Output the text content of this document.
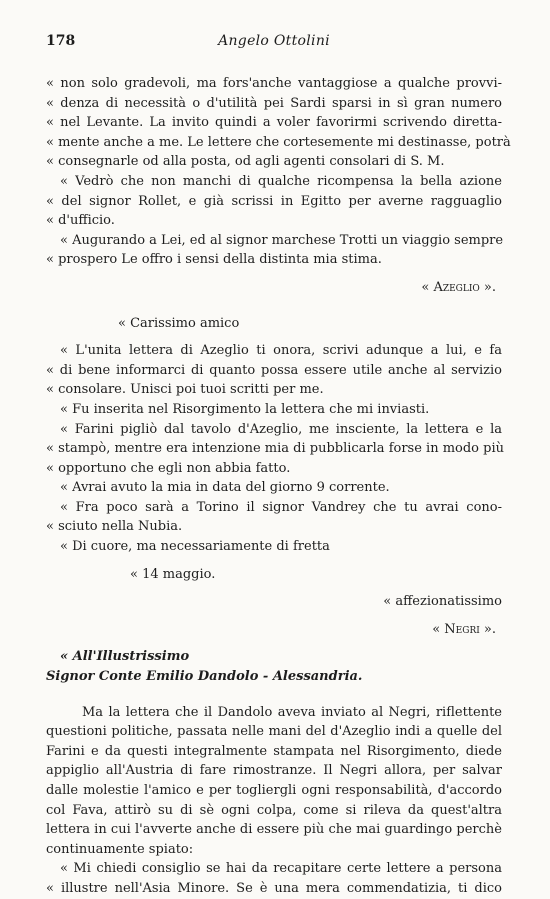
178	Angelo Ottolini
« non solo gradevoli, ma fors'anche vantaggiose a qualche provvi-
« denza di necessità o d'utilità pei Sardi sparsi in sì gran numero
« nel Levante. La invito quindi a voler favorirmi scrivendo diretta-
« mente anche a me. Le lettere che cortesemente mi destinasse, potrà
« consegnarle od alla posta, od agli agenti consolari di S. M.
« Vedrò che non manchi di qualche ricompensa la bella azione
« del signor Rollet, e già scrissi in Egitto per averne ragguaglio
« d'ufficio.
« Augurando a Lei, ed al signor marchese Trotti un viaggio sempre
« prospero Le offro i sensi della distinta mia stima.
« Azeglio ».
« Carissimo amico
« L'unita lettera di Azeglio ti onora, scrivi adunque a lui, e fa
« di bene informarci di quanto possa essere utile anche al servizio
« consolare. Unisci poi tuoi scritti per me.
« Fu inserita nel Risorgimento la lettera che mi inviasti.
« Farini pigliò dal tavolo d'Azeglio, me insciente, la lettera e la
« stampò, mentre era intenzione mia di pubblicarla forse in modo più
« opportuno che egli non abbia fatto.
« Avrai avuto la mia in data del giorno 9 corrente.
« Fra poco sarà a Torino il signor Vandrey che tu avrai cono-
« sciuto nella Nubia.
« Di cuore, ma necessariamente di fretta
« 14 maggio.
« affezionatissimo
« Negri ».
« All'Illustrissimo
Signor Conte Emilio Dandolo - Alessandria.
Ma la lettera che il Dandolo aveva inviato al Negri, riflettente
questioni politiche, passata nelle mani del d'Azeglio indi a quelle del
Farini e da questi integralmente stampata nel Risorgimento, diede
appiglio all'Austria di fare rimostranze. Il Negri allora, per salvar
dalle molestie l'amico e per togliergli ogni responsabilità, d'accordo
col Fava, attirò su di sè ogni colpa, come si rileva da quest'altra
lettera in cui l'avverte anche di essere più che mai guardingo perchè
continuamente spiato:
« Mi chiedi consiglio se hai da recapitare certe lettere a persona
« illustre nell'Asia Minore. Se è una mera commendatizia, ti dico
